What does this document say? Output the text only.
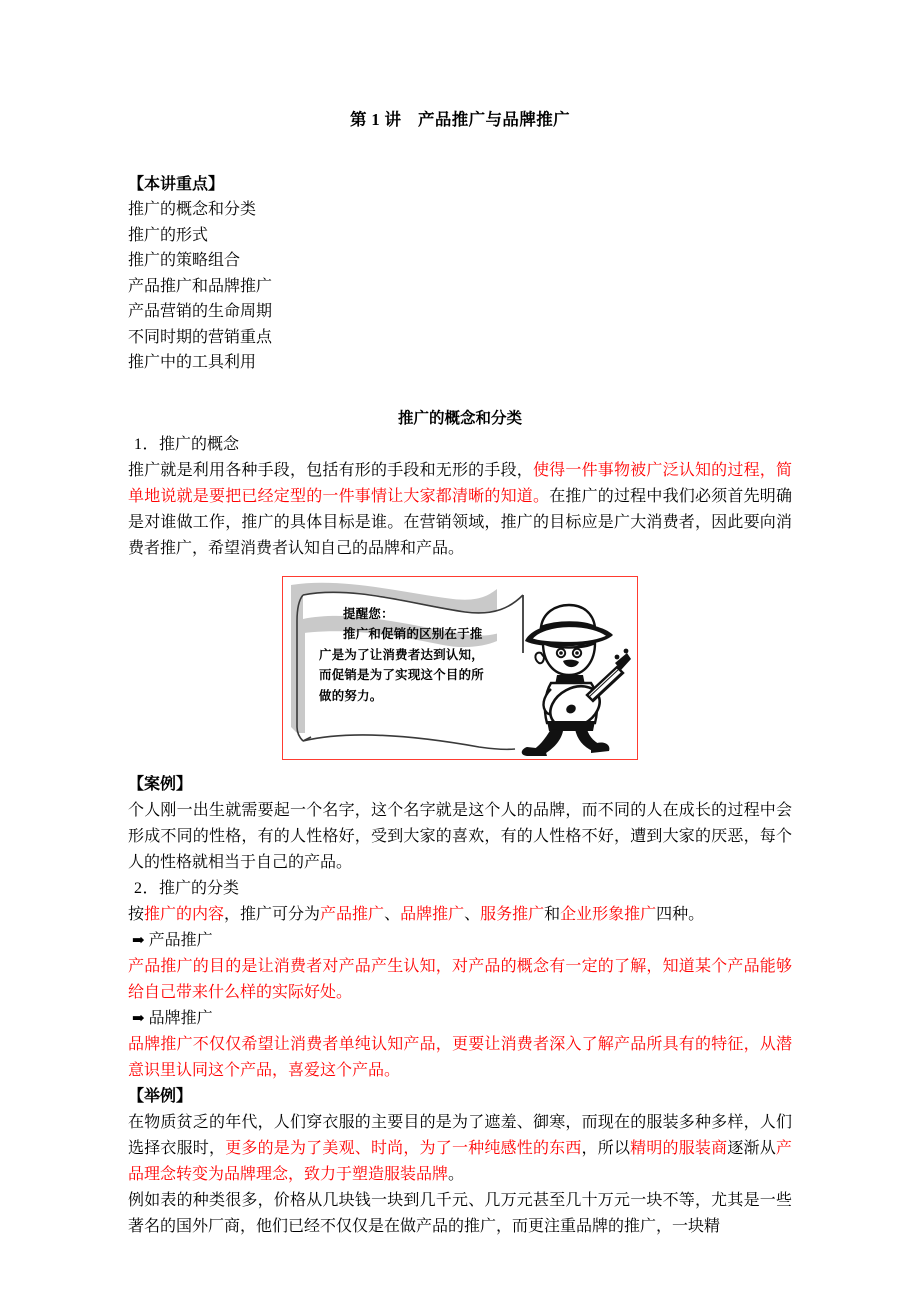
第 1 讲 产品推广与品牌推广
【本讲重点】
推广的概念和分类
推广的形式
推广的策略组合
产品推广和品牌推广
产品营销的生命周期
不同时期的营销重点
推广中的工具利用
推广的概念和分类
1．推广的概念

推广就是利用各种手段，包括有形的手段和无形的手段，使得一件事物被广泛认知的过程，简单地说就是要把已经定型的一件事情让大家都清晰的知道。在推广的过程中我们必须首先明确是对谁做工作，推广的具体目标是谁。在营销领域，推广的目标应是广大消费者，因此要向消费者推广，希望消费者认知自己的品牌和产品。

提醒您：
推广和促销的区别在于推广是为了让消费者达到认知，而促销是为了实现这个目的所做的努力。
【案例】

个人刚一出生就需要起一个名字，这个名字就是这个人的品牌，而不同的人在成长的过程中会形成不同的性格，有的人性格好，受到大家的喜欢，有的人性格不好，遭到大家的厌恶，每个人的性格就相当于自己的产品。

2．推广的分类

按推广的内容，推广可分为产品推广、品牌推广、服务推广和企业形象推广四种。

➡ 产品推广

产品推广的目的是让消费者对产品产生认知，对产品的概念有一定的了解，知道某个产品能够给自己带来什么样的实际好处。

➡ 品牌推广

品牌推广不仅仅希望让消费者单纯认知产品，更要让消费者深入了解产品所具有的特征，从潜意识里认同这个产品，喜爱这个产品。

【举例】

在物质贫乏的年代，人们穿衣服的主要目的是为了遮羞、御寒，而现在的服装多种多样，人们选择衣服时，更多的是为了美观、时尚，为了一种纯感性的东西，所以精明的服装商逐渐从产品理念转变为品牌理念，致力于塑造服装品牌。

例如表的种类很多，价格从几块钱一块到几千元、几万元甚至几十万元一块不等，尤其是一些著名的国外厂商，他们已经不仅仅是在做产品的推广，而更注重品牌的推广，一块精
